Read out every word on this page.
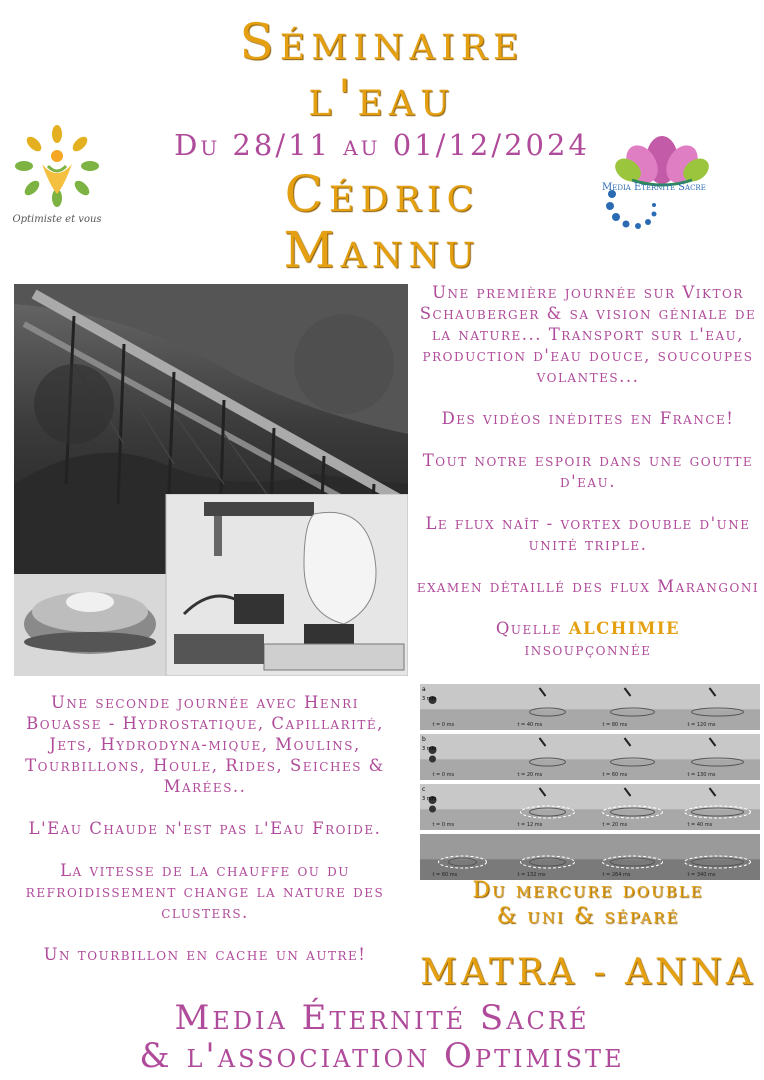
Séminaire
l'eau
Du 28/11 au 01/12/2024
Cédric
Mannu
Optimiste et vous
Media Eternite Sacre

Une première journée sur Viktor Schauberger & sa vision géniale de la nature... Transport sur l'eau, production d'eau douce, soucoupes volantes...

Des vidéos inédites en France!

Tout notre espoir dans une goutte d'eau.

Le flux naît - vortex double d'une unité triple.

examen détaillé des flux Marangoni

Quelle ALCHIMIE
insoupçonnée

Une seconde journée avec Henri Bouasse - Hydrostatique, Capillarité, Jets, Hydrodyna-mique, Moulins, Tourbillons, Houle, Rides, Seiches & Marées..

L'Eau Chaude n'est pas l'Eau Froide.

La vitesse de la chauffe ou du refroidissement change la nature des clusters.

Un tourbillon en cache un autre!

t = 0 ms	t = 40 ms	t = 80 ms	t = 120 ms
a
3 mm
t = 0 ms	t = 20 ms	t = 60 ms	t = 130 ms
b
3 mm
t = 0 ms	t = 12 ms	t = 20 ms	t = 40 ms
c
3 mm
t = 60 ms	t = 132 ms	t = 264 ms	t = 340 ms
Du mercure double
& uni & séparé
MATRA - ANNA
Media Éternité Sacré
& l'association Optimiste
